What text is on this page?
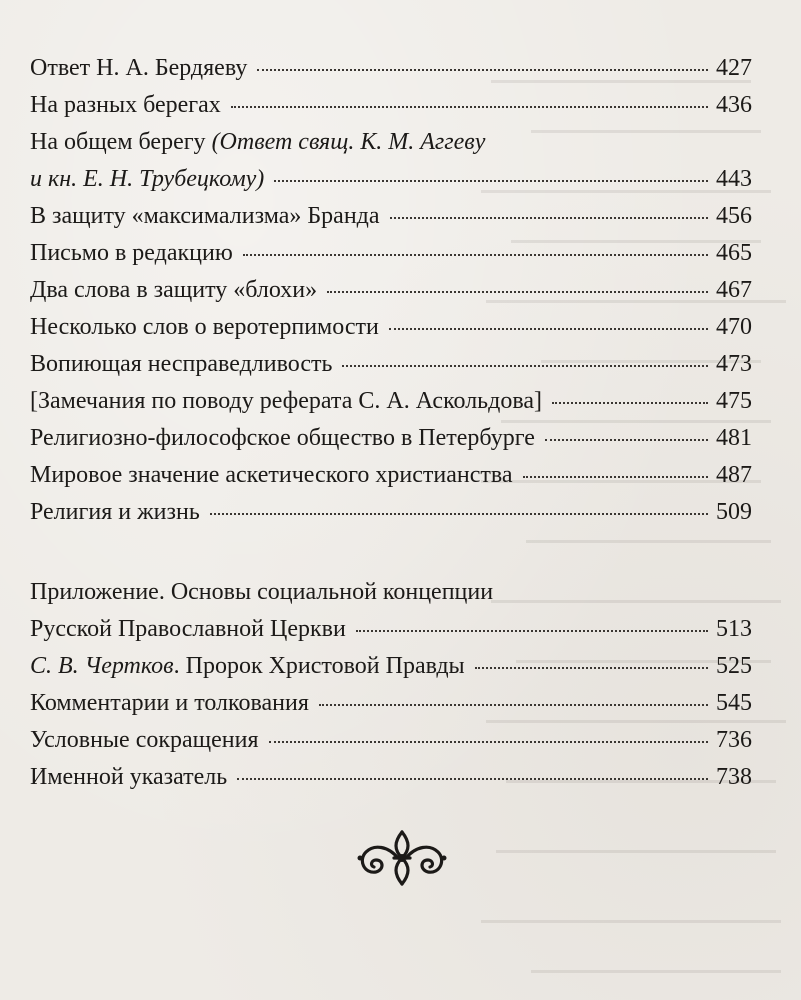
Ответ Н. А. Бердяеву	427
На разных берегах	436
На общем берегу (Ответ свящ. К. М. Аггеву
и кн. Е. Н. Трубецкому)	443
В защиту «максимализма» Бранда	456
Письмо в редакцию	465
Два слова в защиту «блохи»	467
Несколько слов о веротерпимости	470
Вопиющая несправедливость	473
[Замечания по поводу реферата С. А. Аскольдова]	475
Религиозно-философское общество в Петербурге	481
Мировое значение аскетического христианства	487
Религия и жизнь	509
Приложение. Основы социальной концепции
Русской Православной Церкви	513
С. В. Чертков. Пророк Христовой Правды	525
Комментарии и толкования	545
Условные сокращения	736
Именной указатель	738
